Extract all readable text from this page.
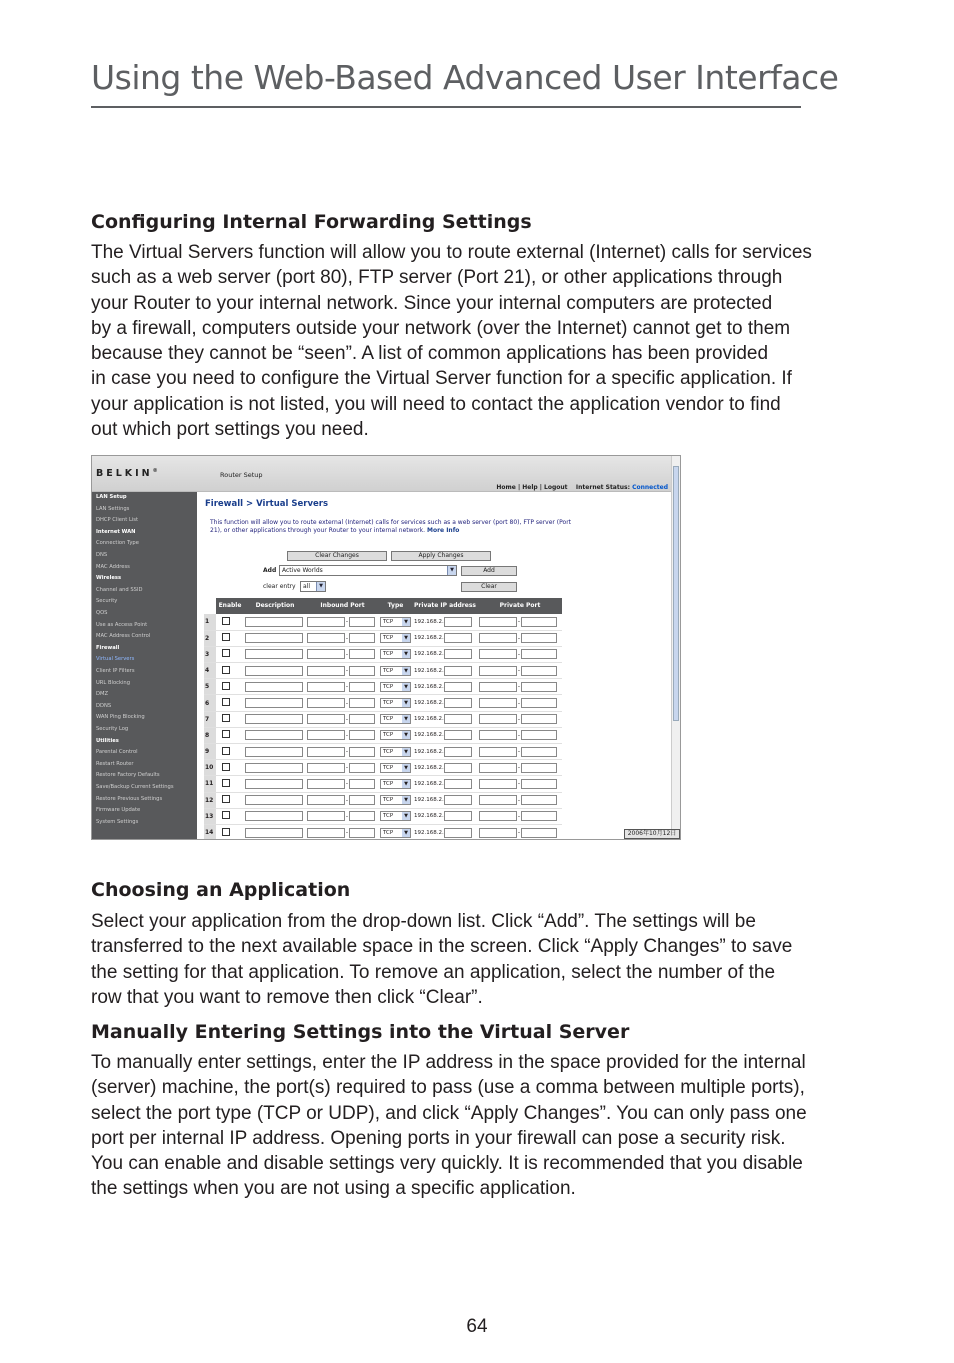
Using the Web-Based Advanced User Interface
Configuring Internal Forwarding Settings
The Virtual Servers function will allow you to route external (Internet) calls for services
such as a web server (port 80), FTP server (Port 21), or other applications through
your Router to your internal network. Since your internal computers are protected
by a firewall, computers outside your network (over the Internet) cannot get to them
because they cannot be “seen”. A list of common applications has been provided
in case you need to configure the Virtual Server function for a specific application. If
your application is not listed, you will need to contact the application vendor to find
out which port settings you need.
BELKIN ®	Router Setup
Home | Help | Logout Internet Status: Connected
LAN Setup
LAN Settings
DHCP Client List
Internet WAN
Connection Type
DNS
MAC Address
Wireless
Channel and SSID
Security
QOS
Use as Access Point
MAC Address Control
Firewall
Virtual Servers
Client IP Filters
URL Blocking
DMZ
DDNS
WAN Ping Blocking
Security Log
Utilities
Parental Control
Restart Router
Restore Factory Defaults
Save/Backup Current Settings
Restore Previous Settings
Firmware Update
System Settings
Firewall > Virtual Servers
This function will allow you to route external (Internet) calls for services such as a web server (port 80), FTP server (Port 21), or other applications through your Router to your internal network. More Info
Clear Changes	Apply Changes
Add Active Worlds	▼	Add
clear entry	all	▼	Clear
	Enable	Description	Inbound Port	Type	Private IP address	Private Port
1			-	TCP ▼	192.168.2.	-
2			-	TCP ▼	192.168.2.	-
3			-	TCP ▼	192.168.2.	-
4			-	TCP ▼	192.168.2.	-
5			-	TCP ▼	192.168.2.	-
6			-	TCP ▼	192.168.2.	-
7			-	TCP ▼	192.168.2.	-
8			-	TCP ▼	192.168.2.	-
9			-	TCP ▼	192.168.2.	-
10			-	TCP ▼	192.168.2.	-
11			-	TCP ▼	192.168.2.	-
12			-	TCP ▼	192.168.2.	-
13			-	TCP ▼	192.168.2.	-
14			-	TCP ▼	192.168.2.	-	2006年10月12日
Choosing an Application
Select your application from the drop-down list. Click “Add”. The settings will be
transferred to the next available space in the screen. Click “Apply Changes” to save
the setting for that application. To remove an application, select the number of the
row that you want to remove then click “Clear”.
Manually Entering Settings into the Virtual Server
To manually enter settings, enter the IP address in the space provided for the internal
(server) machine, the port(s) required to pass (use a comma between multiple ports),
select the port type (TCP or UDP), and click “Apply Changes”. You can only pass one
port per internal IP address. Opening ports in your firewall can pose a security risk.
You can enable and disable settings very quickly. It is recommended that you disable
the settings when you are not using a specific application.
64
